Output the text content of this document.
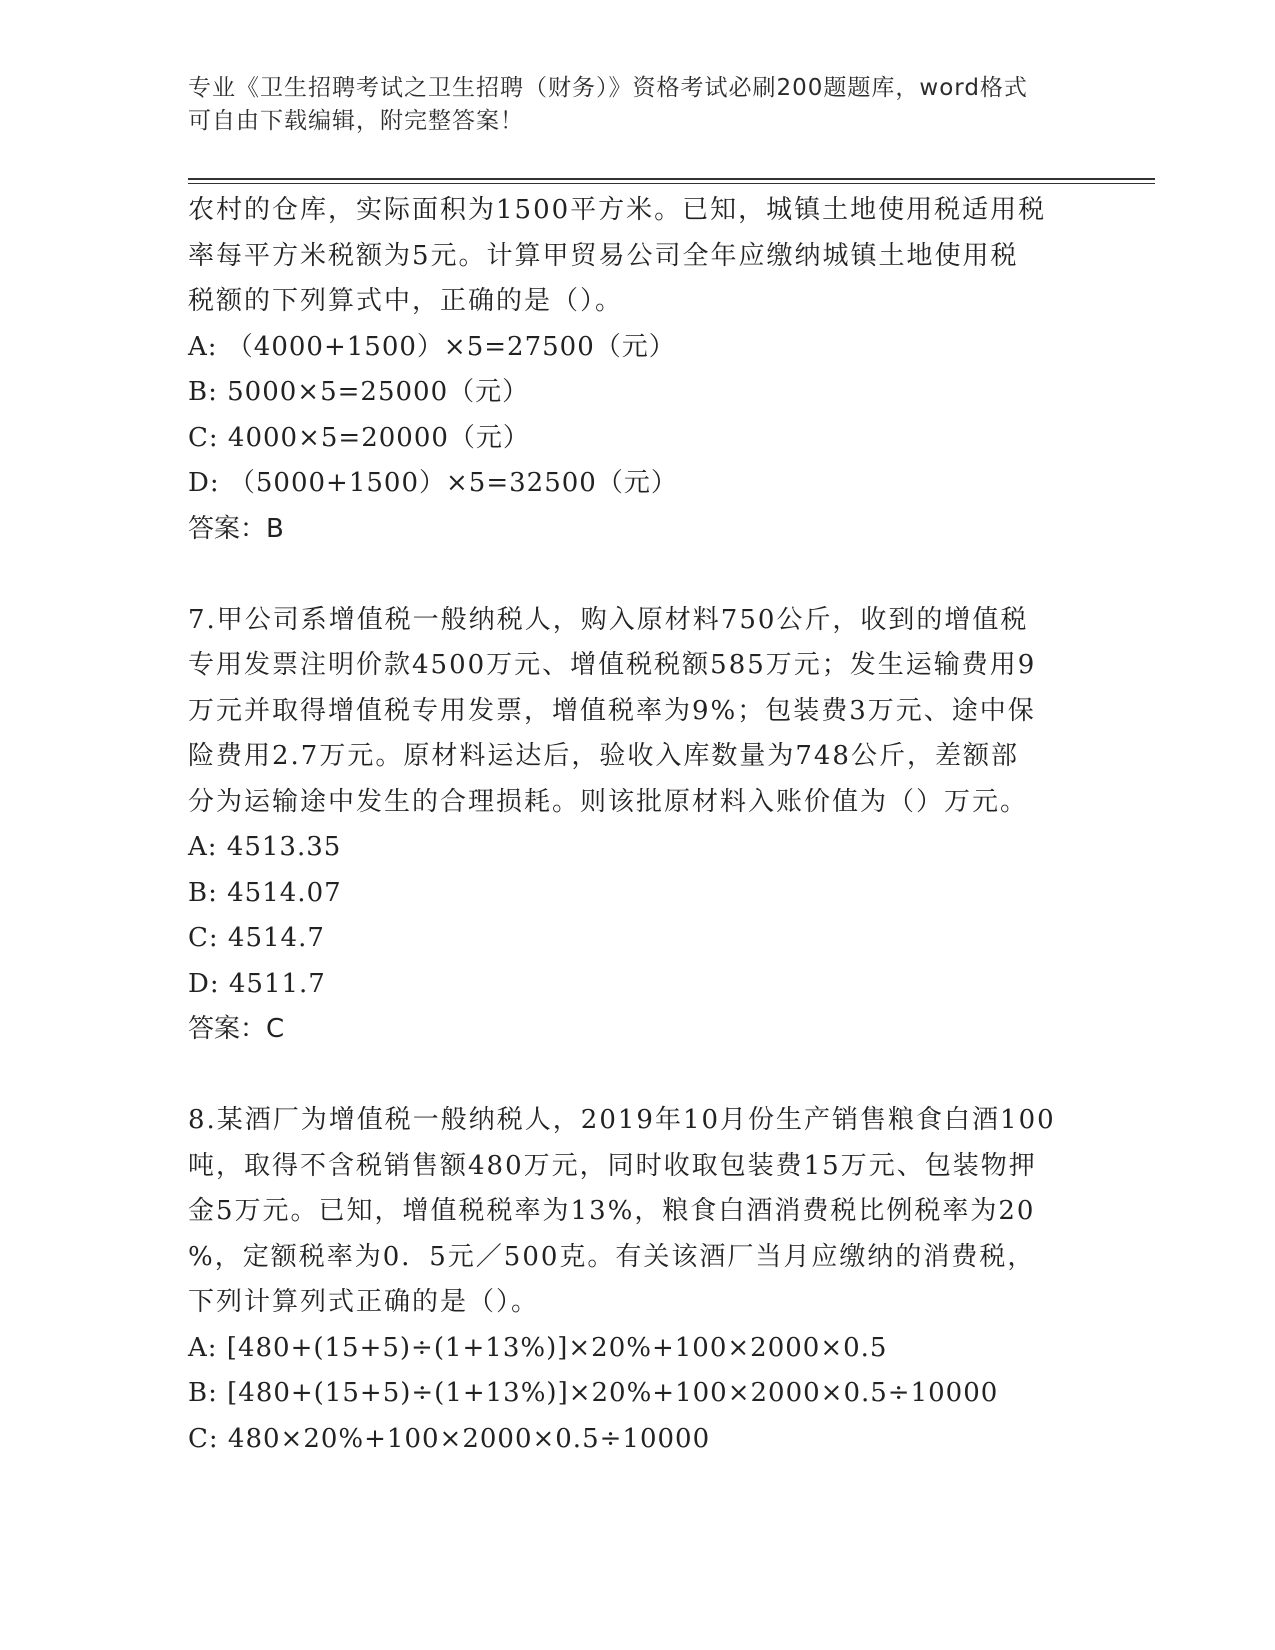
专业《卫生招聘考试之卫生招聘（财务）》资格考试必刷200题题库，word格式
可自由下载编辑，附完整答案！

农村的仓库，实际面积为1500平方米。已知，城镇土地使用税适用税

率每平方米税额为5元。计算甲贸易公司全年应缴纳城镇土地使用税

税额的下列算式中，正确的是（）。

A: （4000+1500）×5=27500（元）

B: 5000×5=25000（元）

C: 4000×5=20000（元）

D: （5000+1500）×5=32500（元）

答案：B

7.甲公司系增值税一般纳税人，购入原材料750公斤，收到的增值税

专用发票注明价款4500万元、增值税税额585万元；发生运输费用9

万元并取得增值税专用发票，增值税率为9%；包装费3万元、途中保

险费用2.7万元。原材料运达后，验收入库数量为748公斤，差额部

分为运输途中发生的合理损耗。则该批原材料入账价值为（）万元。

A: 4513.35

B: 4514.07

C: 4514.7

D: 4511.7

答案：C

8.某酒厂为增值税一般纳税人，2019年10月份生产销售粮食白酒100

吨，取得不含税销售额480万元，同时收取包装费15万元、包装物押

金5万元。已知，增值税税率为13%，粮食白酒消费税比例税率为20

%，定额税率为0．5元／500克。有关该酒厂当月应缴纳的消费税，

下列计算列式正确的是（）。

A: [480+(15+5)÷(1+13%)]×20%+100×2000×0.5

B: [480+(15+5)÷(1+13%)]×20%+100×2000×0.5÷10000

C: 480×20%+100×2000×0.5÷10000
